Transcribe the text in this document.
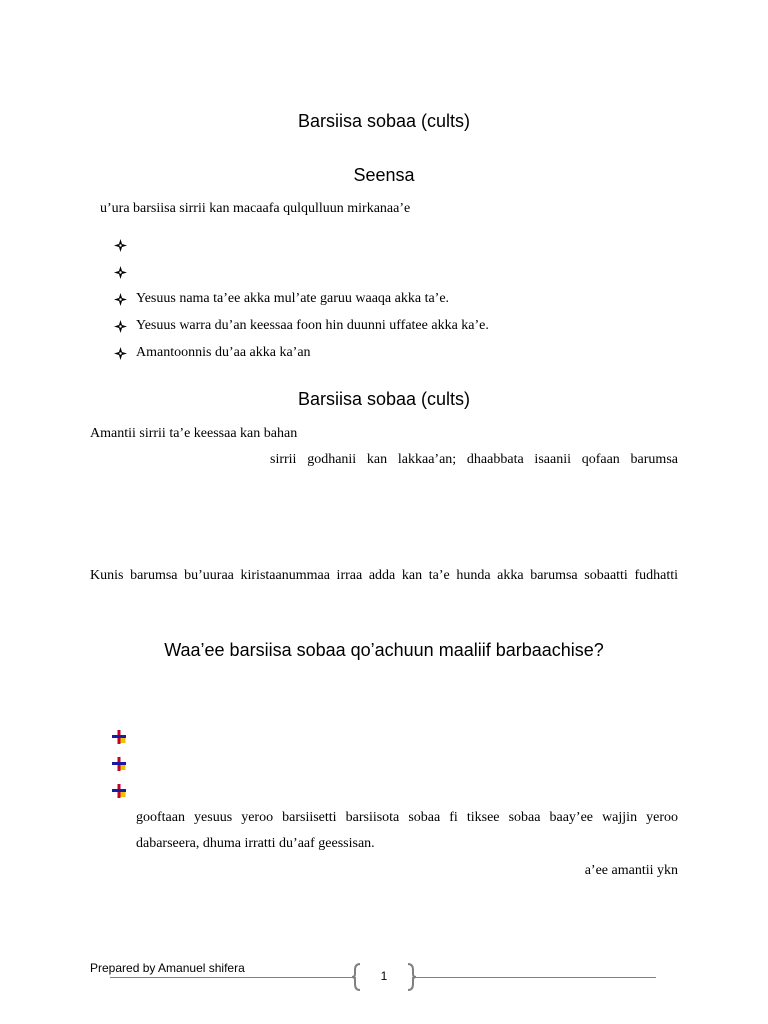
Barsiisa sobaa (cults)
Seensa
u’ura barsiisa sirrii kan macaafa qulqulluun mirkanaa’e
Yesuus nama ta’ee akka mul’ate garuu waaqa akka ta’e.
Yesuus warra du’an keessaa foon hin duunni uffatee akka ka’e.
Amantoonnis du’aa akka ka’an
Barsiisa sobaa (cults)
Amantii sirrii ta’e keessaa kan bahan
sirrii godhanii kan lakkaa’an; dhaabbata isaanii qofaan barumsa
Kunis barumsa bu’uuraa kiristaanummaa irraa adda kan ta’e hunda akka barumsa sobaatti fudhatti
Waa’ee barsiisa sobaa qo’achuun maaliif barbaachise?
gooftaan yesuus yeroo barsiisetti barsiisota sobaa fi tiksee sobaa baay’ee wajjin yeroo
dabarseera, dhuma irratti du’aaf geessisan.
a’ee amantii ykn
Prepared by Amanuel shifera
1
